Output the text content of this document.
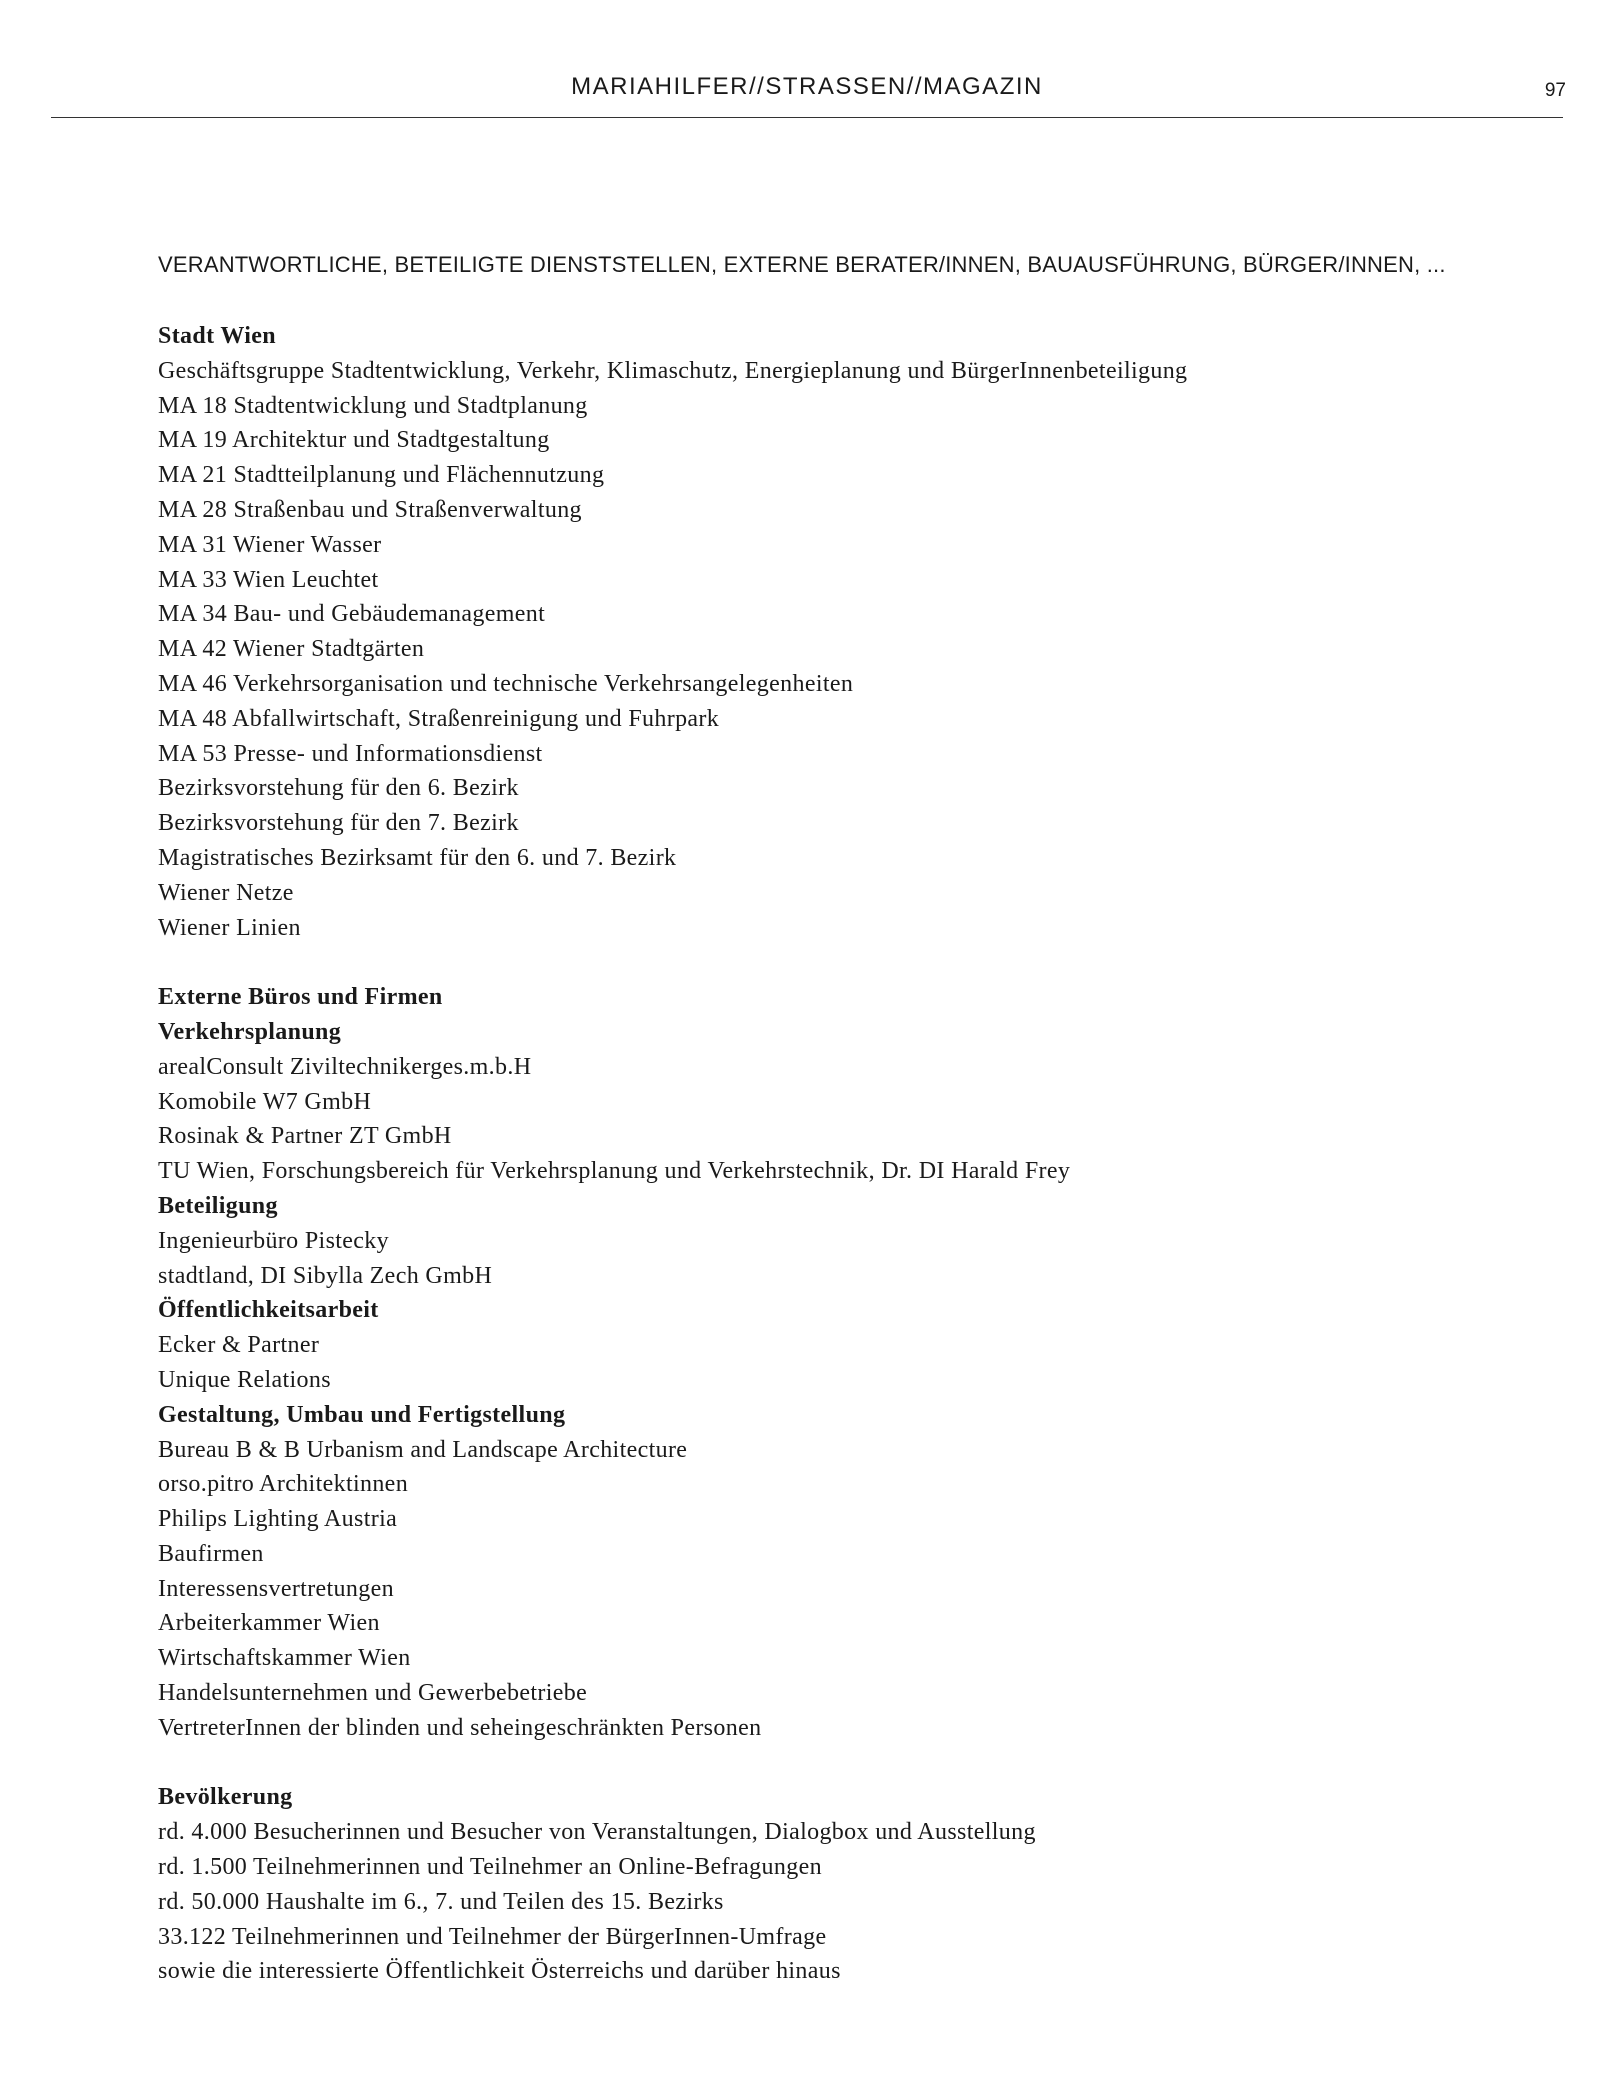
MARIAHILFER//STRASSEN//MAGAZIN	97
VERANTWORTLICHE, BETEILIGTE DIENSTSTELLEN, EXTERNE BERATER/INNEN, BAUAUSFÜHRUNG, BÜRGER/INNEN, ...
Stadt Wien
Geschäftsgruppe Stadtentwicklung, Verkehr, Klimaschutz, Energieplanung und BürgerInnenbeteiligung
MA 18 Stadtentwicklung und Stadtplanung
MA 19 Architektur und Stadtgestaltung
MA 21 Stadtteilplanung und Flächennutzung
MA 28 Straßenbau und Straßenverwaltung
MA 31 Wiener Wasser
MA 33 Wien Leuchtet
MA 34 Bau- und Gebäudemanagement
MA 42 Wiener Stadtgärten
MA 46 Verkehrsorganisation und technische Verkehrsangelegenheiten
MA 48 Abfallwirtschaft, Straßenreinigung und Fuhrpark
MA 53 Presse- und Informationsdienst
Bezirksvorstehung für den 6. Bezirk
Bezirksvorstehung für den 7. Bezirk
Magistratisches Bezirksamt für den 6. und 7. Bezirk
Wiener Netze
Wiener Linien
Externe Büros und Firmen
Verkehrsplanung
arealConsult Ziviltechnikerges.m.b.H
Komobile W7 GmbH
Rosinak & Partner ZT GmbH
TU Wien, Forschungsbereich für Verkehrsplanung und Verkehrstechnik, Dr. DI Harald Frey
Beteiligung
Ingenieurbüro Pistecky
stadtland, DI Sibylla Zech GmbH
Öffentlichkeitsarbeit
Ecker & Partner
Unique Relations
Gestaltung, Umbau und Fertigstellung
Bureau B & B Urbanism and Landscape Architecture
orso.pitro Architektinnen
Philips Lighting Austria
Baufirmen
Interessensvertretungen
Arbeiterkammer Wien
Wirtschaftskammer Wien
Handelsunternehmen und Gewerbebetriebe
VertreterInnen der blinden und seheingeschränkten Personen
Bevölkerung
rd. 4.000 Besucherinnen und Besucher von Veranstaltungen, Dialogbox und Ausstellung
rd. 1.500 Teilnehmerinnen und Teilnehmer an Online-Befragungen
rd. 50.000 Haushalte im 6., 7. und Teilen des 15. Bezirks
33.122 Teilnehmerinnen und Teilnehmer der BürgerInnen-Umfrage
sowie die interessierte Öffentlichkeit Österreichs und darüber hinaus
